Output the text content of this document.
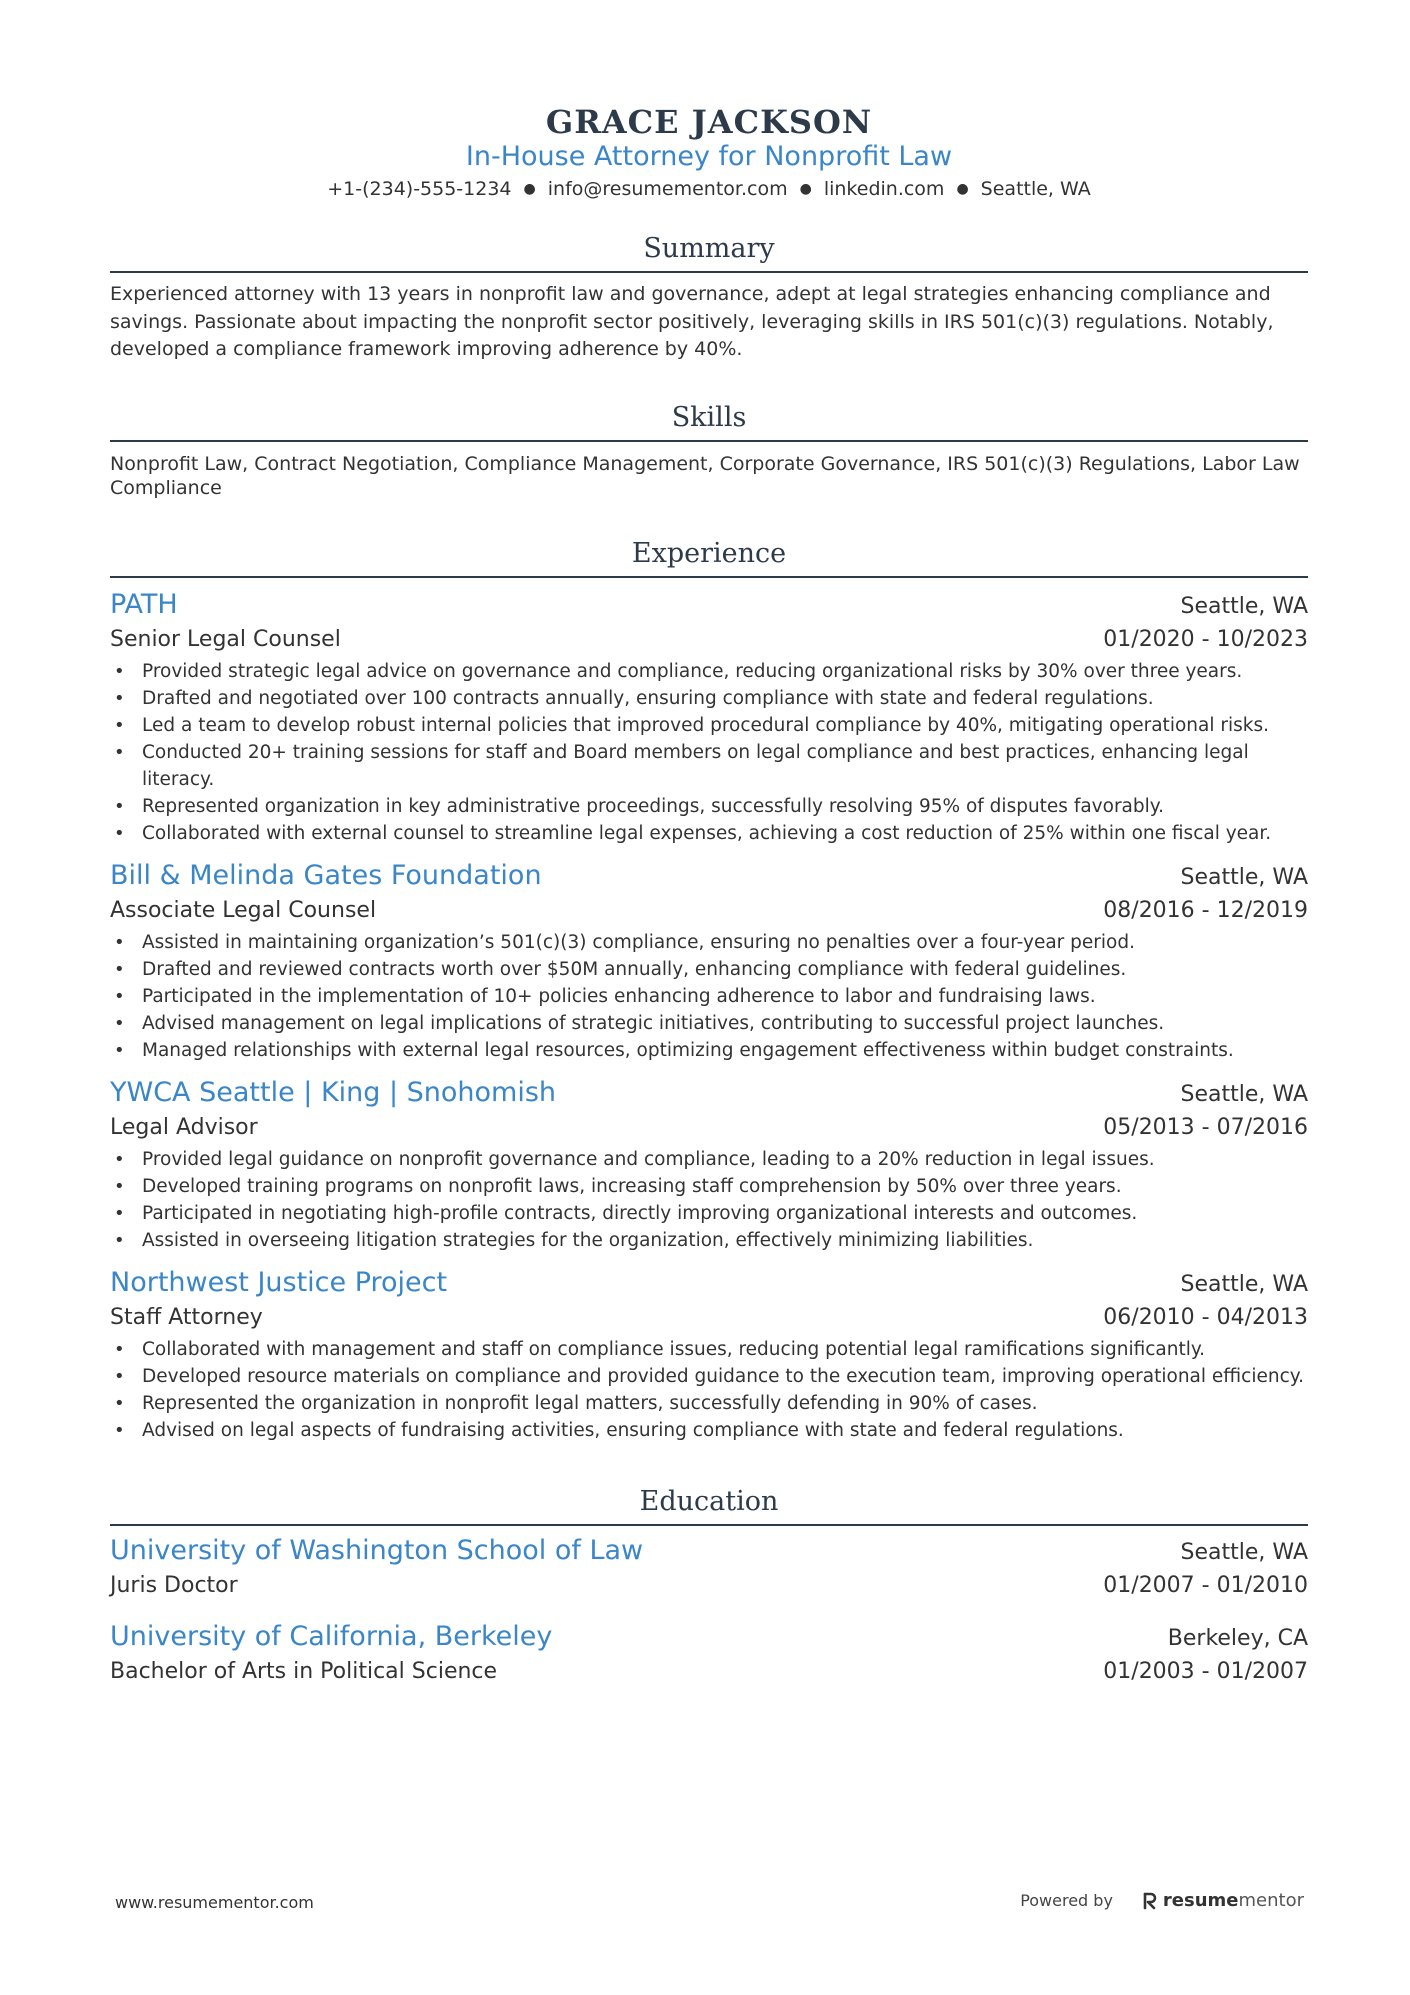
GRACE JACKSON
In-House Attorney for Nonprofit Law
+1-(234)-555-1234 ● info@resumementor.com ● linkedin.com ● Seattle, WA
Summary
Experienced attorney with 13 years in nonprofit law and governance, adept at legal strategies enhancing compliance and savings. Passionate about impacting the nonprofit sector positively, leveraging skills in IRS 501(c)(3) regulations. Notably, developed a compliance framework improving adherence by 40%.
Skills
Nonprofit Law, Contract Negotiation, Compliance Management, Corporate Governance, IRS 501(c)(3) Regulations, Labor Law Compliance
Experience
PATH	Seattle, WA
Senior Legal Counsel	01/2020 - 10/2023
• Provided strategic legal advice on governance and compliance, reducing organizational risks by 30% over three years.
• Drafted and negotiated over 100 contracts annually, ensuring compliance with state and federal regulations.
• Led a team to develop robust internal policies that improved procedural compliance by 40%, mitigating operational risks.
• Conducted 20+ training sessions for staff and Board members on legal compliance and best practices, enhancing legal literacy.
• Represented organization in key administrative proceedings, successfully resolving 95% of disputes favorably.
• Collaborated with external counsel to streamline legal expenses, achieving a cost reduction of 25% within one fiscal year.
Bill & Melinda Gates Foundation	Seattle, WA
Associate Legal Counsel	08/2016 - 12/2019
• Assisted in maintaining organization’s 501(c)(3) compliance, ensuring no penalties over a four-year period.
• Drafted and reviewed contracts worth over $50M annually, enhancing compliance with federal guidelines.
• Participated in the implementation of 10+ policies enhancing adherence to labor and fundraising laws.
• Advised management on legal implications of strategic initiatives, contributing to successful project launches.
• Managed relationships with external legal resources, optimizing engagement effectiveness within budget constraints.
YWCA Seattle | King | Snohomish	Seattle, WA
Legal Advisor	05/2013 - 07/2016
• Provided legal guidance on nonprofit governance and compliance, leading to a 20% reduction in legal issues.
• Developed training programs on nonprofit laws, increasing staff comprehension by 50% over three years.
• Participated in negotiating high-profile contracts, directly improving organizational interests and outcomes.
• Assisted in overseeing litigation strategies for the organization, effectively minimizing liabilities.
Northwest Justice Project	Seattle, WA
Staff Attorney	06/2010 - 04/2013
• Collaborated with management and staff on compliance issues, reducing potential legal ramifications significantly.
• Developed resource materials on compliance and provided guidance to the execution team, improving operational efficiency.
• Represented the organization in nonprofit legal matters, successfully defending in 90% of cases.
• Advised on legal aspects of fundraising activities, ensuring compliance with state and federal regulations.
Education
University of Washington School of Law	Seattle, WA
Juris Doctor	01/2007 - 01/2010
University of California, Berkeley	Berkeley, CA
Bachelor of Arts in Political Science	01/2003 - 01/2007
www.resumementor.com	Powered by	resume mentor
